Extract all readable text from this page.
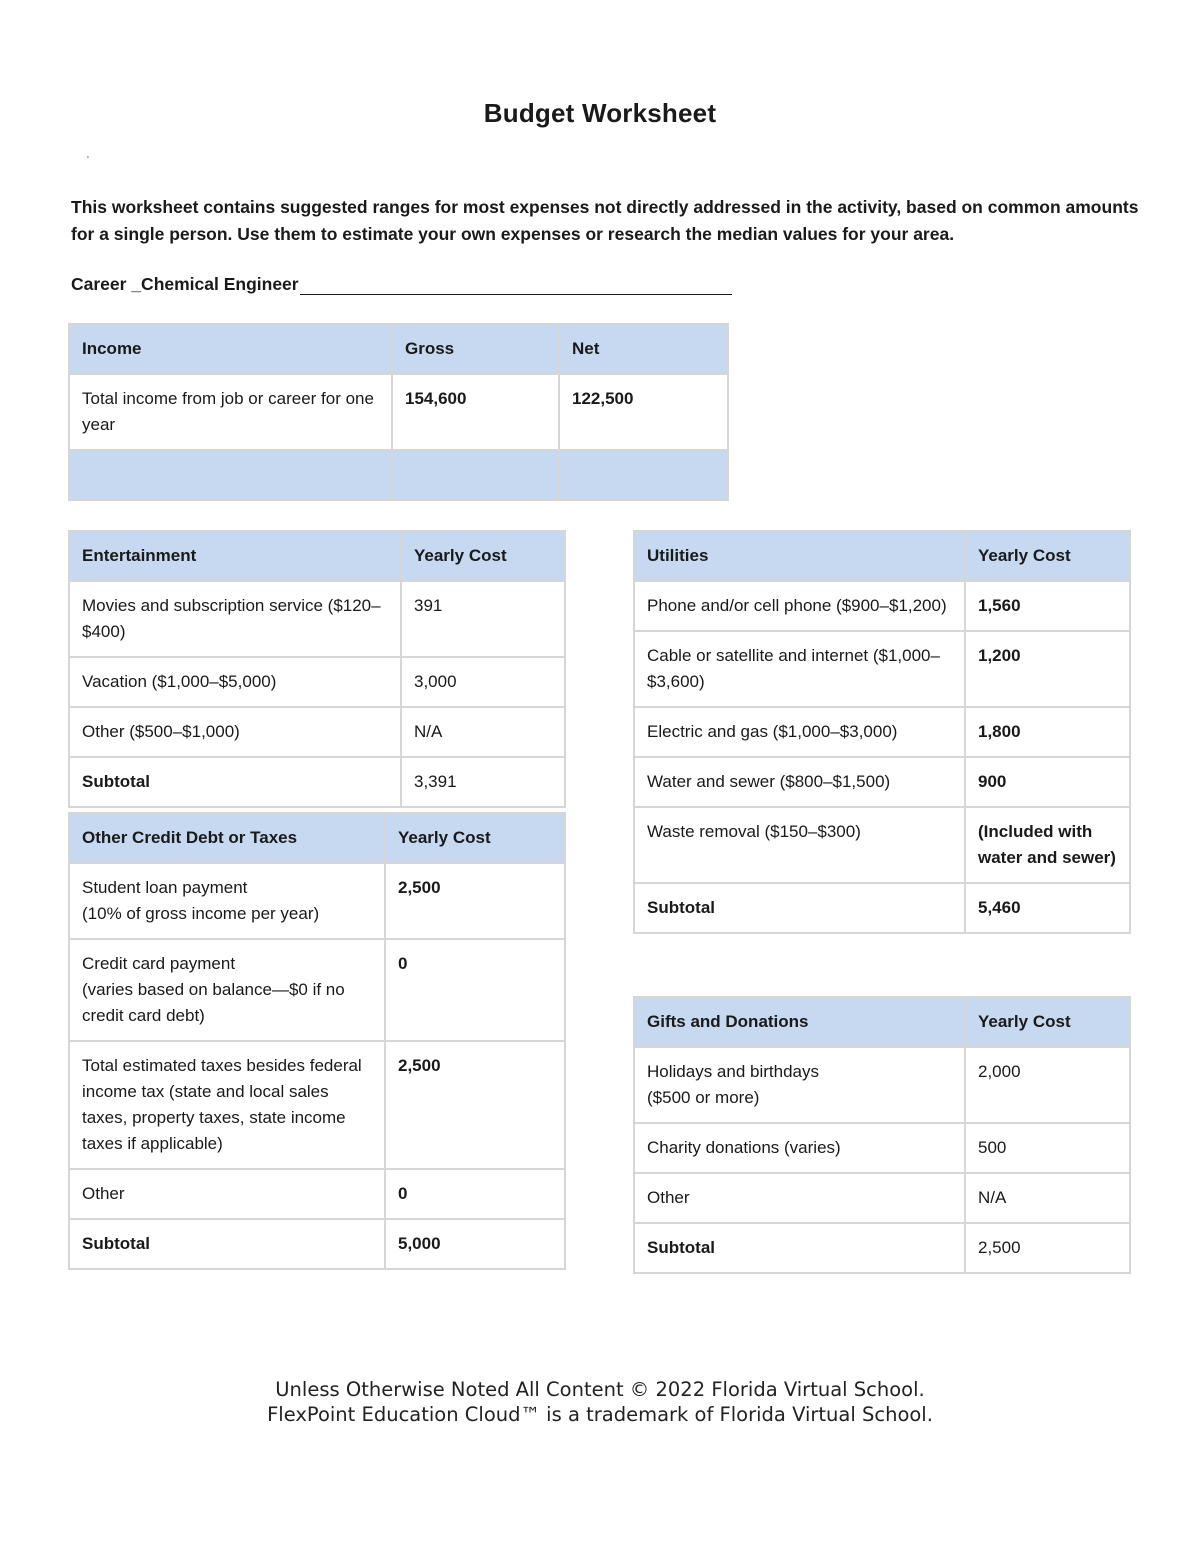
Budget Worksheet
'
This worksheet contains suggested ranges for most expenses not directly addressed in the activity, based on common amounts for a single person. Use them to estimate your own expenses or research the median values for your area.
Career _Chemical Engineer
Income	Gross	Net
Total income from job or career for one year	154,600	122,500

Entertainment	Yearly Cost
Movies and subscription service ($120–$400)	391
Vacation ($1,000–$5,000)	3,000
Other ($500–$1,000)	N/A
Subtotal	3,391
Other Credit Debt or Taxes	Yearly Cost

Student loan payment
(10% of gross income per year)	2,500

Credit card payment
(varies based on balance—$0 if no credit card debt)	0
Total estimated taxes besides federal income tax (state and local sales taxes, property taxes, state income taxes if applicable)	2,500
Other	0
Subtotal	5,000
Utilities	Yearly Cost
Phone and/or cell phone ($900–$1,200)	1,560
Cable or satellite and internet ($1,000–$3,600)	1,200
Electric and gas ($1,000–$3,000)	1,800
Water and sewer ($800–$1,500)	900
Waste removal ($150–$300)	(Included with water and sewer)
Subtotal	5,460
Gifts and Donations	Yearly Cost

Holidays and birthdays
($500 or more)	2,000
Charity donations (varies)	500
Other	N/A
Subtotal	2,500
Unless Otherwise Noted All Content © 2022 Florida Virtual School.
FlexPoint Education Cloud™ is a trademark of Florida Virtual School.
